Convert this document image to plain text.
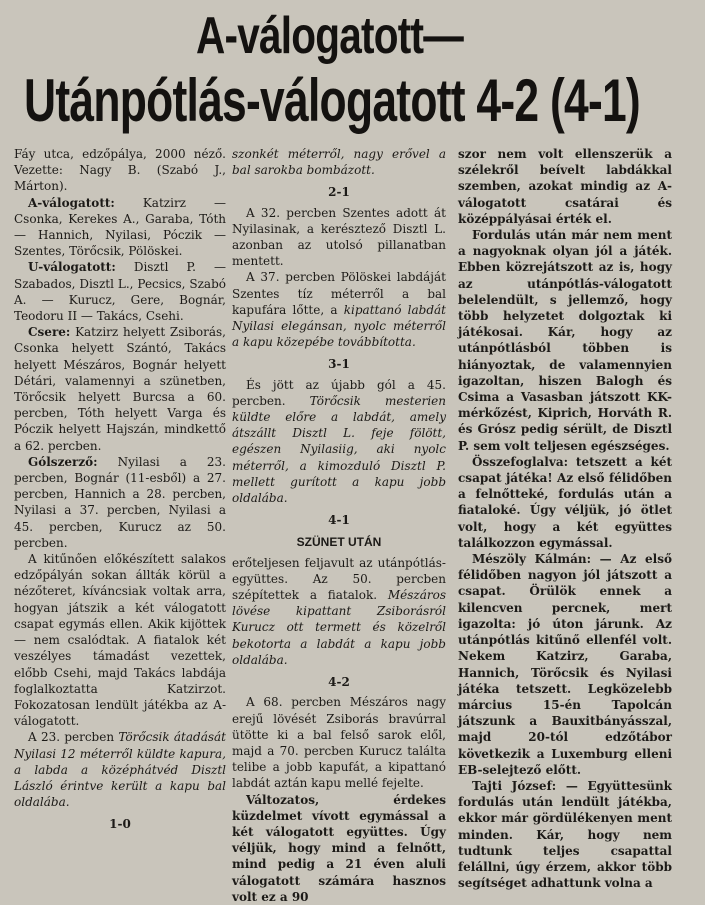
A-válogatott—
Utánpótlás-válogatott 4-2 (4-1)

Fáy utca, edzőpálya, 2000 néző. Vezette: Nagy B. (Szabó J., Márton).

A-válogatott: Katzirz — Csonka, Kerekes A., Garaba, Tóth — Hannich, Nyilasi, Póczik — Szentes, Törőcsik, Pölöskei.

U-válogatott: Disztl P. — Szabados, Disztl L., Pecsics, Szabó A. — Kurucz, Gere, Bognár, Teodoru II — Takács, Csehi.

Csere: Katzirz helyett Zsiborás, Csonka helyett Szántó, Takács helyett Mészáros, Bognár helyett Détári, valamennyi a szünetben, Törőcsik helyett Burcsa a 60. percben, Tóth helyett Varga és Póczik helyett Hajszán, mindkettő a 62. percben.

Gólszerző: Nyilasi a 23. percben, Bognár (11-esből) a 27. percben, Hannich a 28. percben, Nyilasi a 37. percben, Nyilasi a 45. percben, Kurucz az 50. percben.

A kitűnően előkészített salakos edzőpályán sokan állták körül a nézőteret, kíváncsiak voltak arra, hogyan játszik a két válogatott csapat egymás ellen. Akik kijöttek — nem csalódtak. A fiatalok két veszélyes támadást vezettek, előbb Csehi, majd Takács labdája foglalkoztatta Katzirzot. Fokozatosan lendült játékba az A-válogatott.

A 23. percben Törőcsik átadását Nyilasi 12 méterről küldte kapura, a labda a középhátvéd Disztl László érintve került a kapu bal oldalába.

1-0

szonkét méterről, nagy erővel a bal sarokba bombázott.

2-1

A 32. percben Szentes adott át Nyilasinak, a kerésztező Disztl L. azonban az utolsó pillanatban mentett.

A 37. percben Pölöskei labdáját Szentes tíz méterről a bal kapufára lőtte, a kipattanó labdát Nyilasi elegánsan, nyolc méterről a kapu közepébe továbbította.

3-1

És jött az újabb gól a 45. percben. Törőcsik mesterien küldte előre a labdát, amely átszállt Disztl L. feje fölött, egészen Nyilasiig, aki nyolc méterről, a kimozduló Disztl P. mellett gurított a kapu jobb oldalába.

4-1
SZÜNET UTÁN

erőteljesen feljavult az utánpótlás-együttes. Az 50. percben szépítettek a fiatalok. Mészáros lövése kipattant Zsiborásról Kurucz ott termett és közelről bekotorta a labdát a kapu jobb oldalába.

4-2

A 68. percben Mészáros nagy erejű lövését Zsiborás bravúrral ütötte ki a bal felső sarok elől, majd a 70. percben Kurucz találta telibe a jobb kapufát, a kipattanó labdát aztán kapu mellé fejelte.

Változatos, érdekes küzdelmet vívott egymással a két válogatott együttes. Úgy véljük, hogy mind a felnőtt, mind pedig a 21 éven aluli válogatott számára hasznos volt ez a 90

szor nem volt ellenszerük a szélekről beívelt labdákkal szemben, azokat mindig az A-válogatott csatárai és középpályásai érték el.

Fordulás után már nem ment a nagyoknak olyan jól a játék. Ebben közrejátszott az is, hogy az utánpótlás-válogatott belelendült, s jellemző, hogy több helyzetet dolgoztak ki játékosai. Kár, hogy az utánpótlásból többen is hiányoztak, de valamennyien igazoltan, hiszen Balogh és Csima a Vasasban játszott KK-mérkőzést, Kiprich, Horváth R. és Grósz pedig sérült, de Disztl P. sem volt teljesen egészséges.

Összefoglalva: tetszett a két csapat játéka! Az első félidőben a felnőtteké, fordulás után a fiataloké. Úgy véljük, jó ötlet volt, hogy a két együttes találkozzon egymással.

Mészöly Kálmán: — Az első félidőben nagyon jól játszott a csapat. Örülök ennek a kilencven percnek, mert igazolta: jó úton járunk. Az utánpótlás kitűnő ellenfél volt. Nekem Katzirz, Garaba, Hannich, Törőcsik és Nyilasi játéka tetszett. Legközelebb március 15-én Tapolcán játszunk a Bauxitbányásszal, majd 20-tól edzőtábor következik a Luxemburg elleni EB-selejtező előtt.

Tajti József: — Együttesünk fordulás után lendült játékba, ekkor már gördülékenyen ment minden. Kár, hogy nem tudtunk teljes csapattal felállni, úgy érzem, akkor több segítséget adhattunk volna a
